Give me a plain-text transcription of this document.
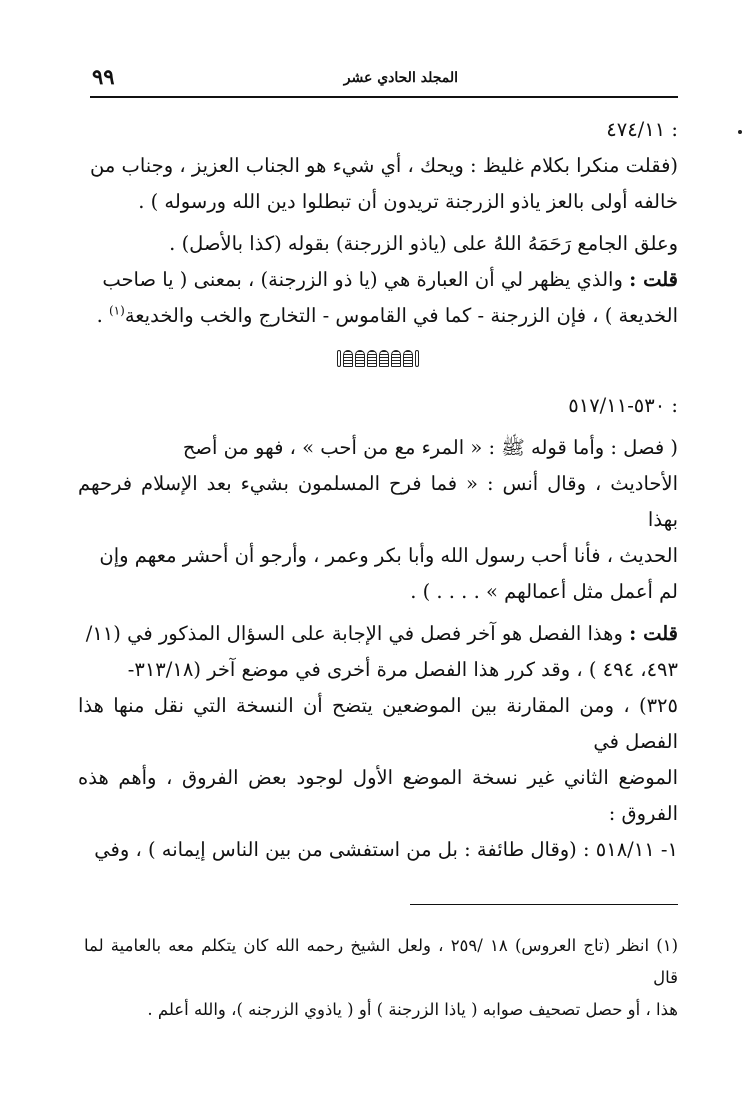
المجلد الحادي عشر
٩٩

: ٤٧٤/١١

(فقلت منكرا بكلام غليظ : ويحك ، أي شيء هو الجناب العزيز ، وجناب من

خالفه أولى بالعز ياذو الزرجنة تريدون أن تبطلوا دين الله ورسوله ) .

وعلق الجامع رَحَمَهُ اللهُ على (ياذو الزرجنة) بقوله (كذا بالأصل) .

قلت : والذي يظهر لي أن العبارة هي (يا ذو الزرجنة) ، بمعنى ( يا صاحب

الخديعة ) ، فإن الزرجنة - كما في القاموس - التخارج والخب والخديعة$^{(١)}$ .

: ٥٣٠-٥١٧/١١

( فصل : وأما قوله ﷺ : « المرء مع من أحب » ، فهو من أصح

الأحاديث ، وقال أنس : « فما فرح المسلمون بشيء بعد الإسلام فرحهم بهذا

الحديث ، فأنا أحب رسول الله وأبا بكر وعمر ، وأرجو أن أحشر معهم وإن

لم أعمل مثل أعمالهم » . . . . ) .

قلت : وهذا الفصل هو آخر فصل في الإجابة على السؤال المذكور في (١١/

٤٩٣، ٤٩٤ ) ، وقد كرر هذا الفصل مرة أخرى في موضع آخر (٣١٣/١٨-

٣٢٥) ، ومن المقارنة بين الموضعين يتضح أن النسخة التي نقل منها هذا الفصل في

الموضع الثاني غير نسخة الموضع الأول لوجود بعض الفروق ، وأهم هذه الفروق :

١- ٥١٨/١١ : (وقال طائفة : بل من استفشى من بين الناس إيمانه ) ، وفي

(١) انظر (تاج العروس) ١٨ /٢٥٩ ، ولعل الشيخ رحمه الله كان يتكلم معه بالعامية لما قال

هذا ، أو حصل تصحيف صوابه ( ياذا الزرجنة ) أو ( ياذوي الزرجنه )، والله أعلم .
